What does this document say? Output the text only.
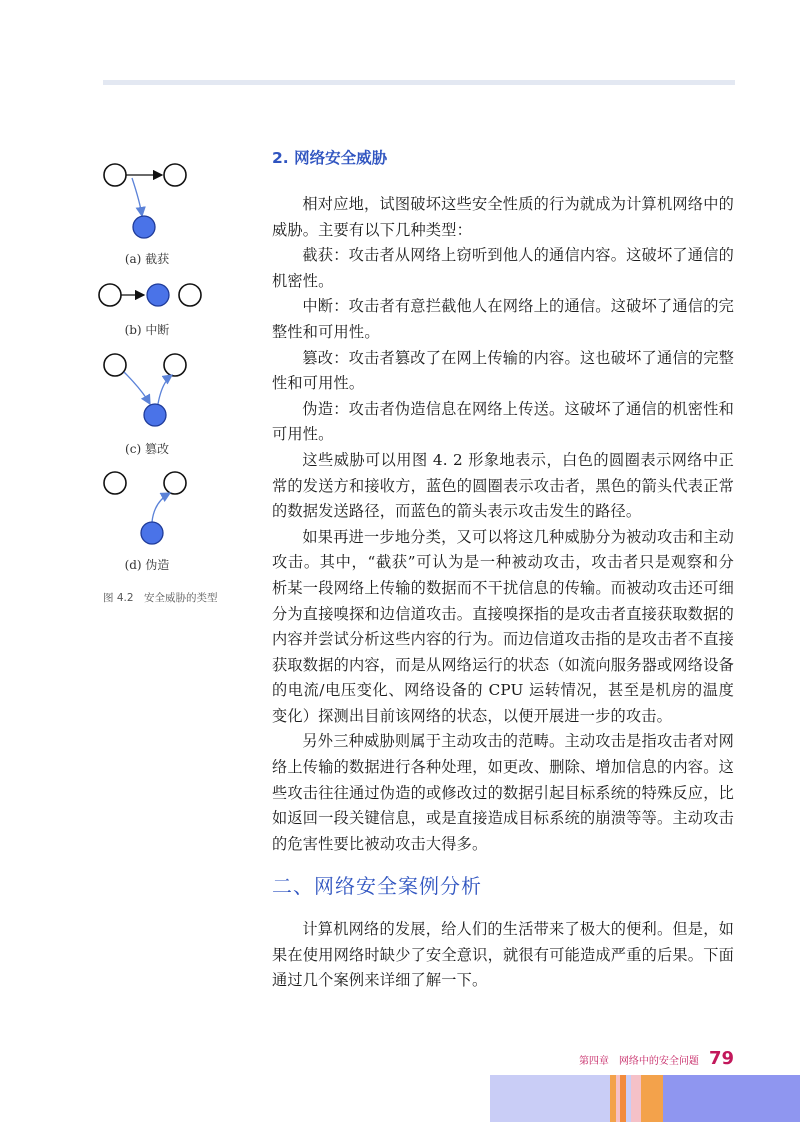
(a) 截获
(b) 中断
(c) 篡改
(d) 伪造
图 4.2　安全威胁的类型
2. 网络安全威胁

相对应地，试图破坏这些安全性质的行为就成为计算机网络中的威胁。主要有以下几种类型：

截获：攻击者从网络上窃听到他人的通信内容。这破坏了通信的机密性。

中断：攻击者有意拦截他人在网络上的通信。这破坏了通信的完整性和可用性。

篡改：攻击者篡改了在网上传输的内容。这也破坏了通信的完整性和可用性。

伪造：攻击者伪造信息在网络上传送。这破坏了通信的机密性和可用性。

这些威胁可以用图 4. 2 形象地表示，白色的圆圈表示网络中正常的发送方和接收方，蓝色的圆圈表示攻击者，黑色的箭头代表正常的数据发送路径，而蓝色的箭头表示攻击发生的路径。

如果再进一步地分类，又可以将这几种威胁分为被动攻击和主动攻击。其中，“截获”可认为是一种被动攻击，攻击者只是观察和分析某一段网络上传输的数据而不干扰信息的传输。而被动攻击还可细分为直接嗅探和边信道攻击。直接嗅探指的是攻击者直接获取数据的内容并尝试分析这些内容的行为。而边信道攻击指的是攻击者不直接获取数据的内容，而是从网络运行的状态（如流向服务器或网络设备的电流/电压变化、网络设备的 CPU 运转情况，甚至是机房的温度变化）探测出目前该网络的状态，以便开展进一步的攻击。

另外三种威胁则属于主动攻击的范畴。主动攻击是指攻击者对网络上传输的数据进行各种处理，如更改、删除、增加信息的内容。这些攻击往往通过伪造的或修改过的数据引起目标系统的特殊反应，比如返回一段关键信息，或是直接造成目标系统的崩溃等等。主动攻击的危害性要比被动攻击大得多。

二、网络安全案例分析

计算机网络的发展，给人们的生活带来了极大的便利。但是，如果在使用网络时缺少了安全意识，就很有可能造成严重的后果。下面通过几个案例来详细了解一下。

第四章　网络中的安全问题 79
